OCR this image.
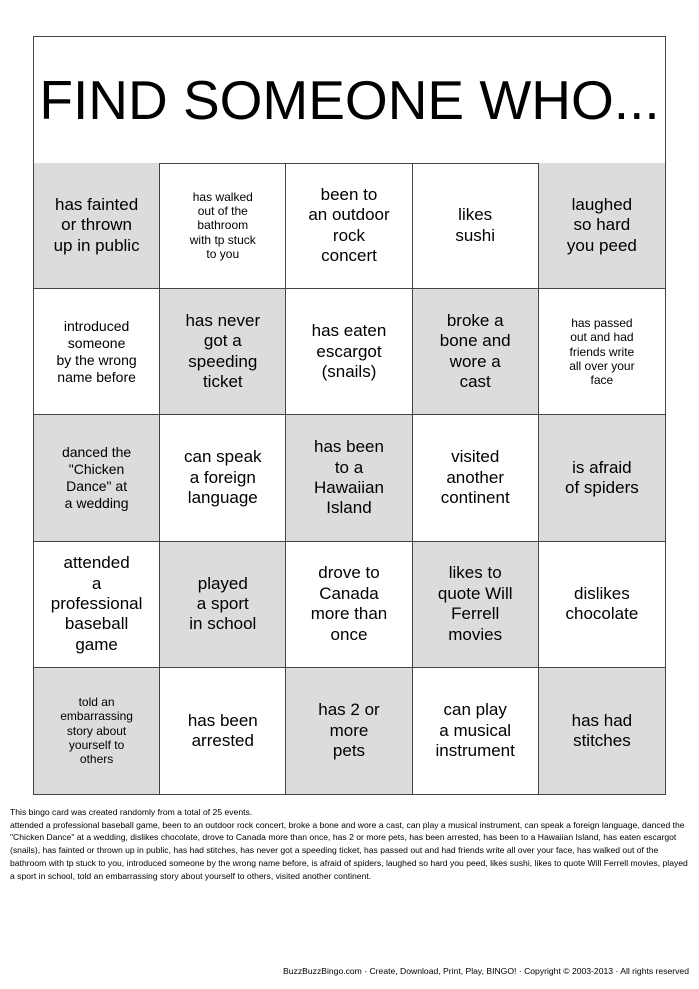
FIND SOMEONE WHO...
has fainted
or thrown
up in public
has walked
out of the
bathroom
with tp stuck
to you
been to
an outdoor
rock
concert
likes
sushi
laughed
so hard
you peed
introduced
someone
by the wrong
name before
has never
got a
speeding
ticket
has eaten
escargot
(snails)
broke a
bone and
wore a
cast
has passed
out and had
friends write
all over your
face
danced the
"Chicken
Dance" at
a wedding
can speak
a foreign
language
has been
to a
Hawaiian
Island
visited
another
continent
is afraid
of spiders
attended
a professional
baseball
game
played
a sport
in school
drove to
Canada
more than
once
likes to
quote Will
Ferrell
movies
dislikes
chocolate
told an
embarrassing
story about
yourself to
others
has been
arrested
has 2 or
more
pets
can play
a musical
instrument
has had
stitches

This bingo card was created randomly from a total of 25 events.

attended a professional baseball game, been to an outdoor rock concert, broke a bone and wore a cast, can play a musical instrument, can speak a foreign language, danced the "Chicken Dance" at a wedding, dislikes chocolate, drove to Canada more than once, has 2 or more pets, has been arrested, has been to a Hawaiian Island, has eaten escargot (snails), has fainted or thrown up in public, has had stitches, has never got a speeding ticket, has passed out and had friends write all over your face, has walked out of the bathroom with tp stuck to you, introduced someone by the wrong name before, is afraid of spiders, laughed so hard you peed, likes sushi, likes to quote Will Ferrell movies, played a sport in school, told an embarrassing story about yourself to others, visited another continent.

BuzzBuzzBingo.com · Create, Download, Print, Play, BINGO! · Copyright © 2003-2013 · All rights reserved
